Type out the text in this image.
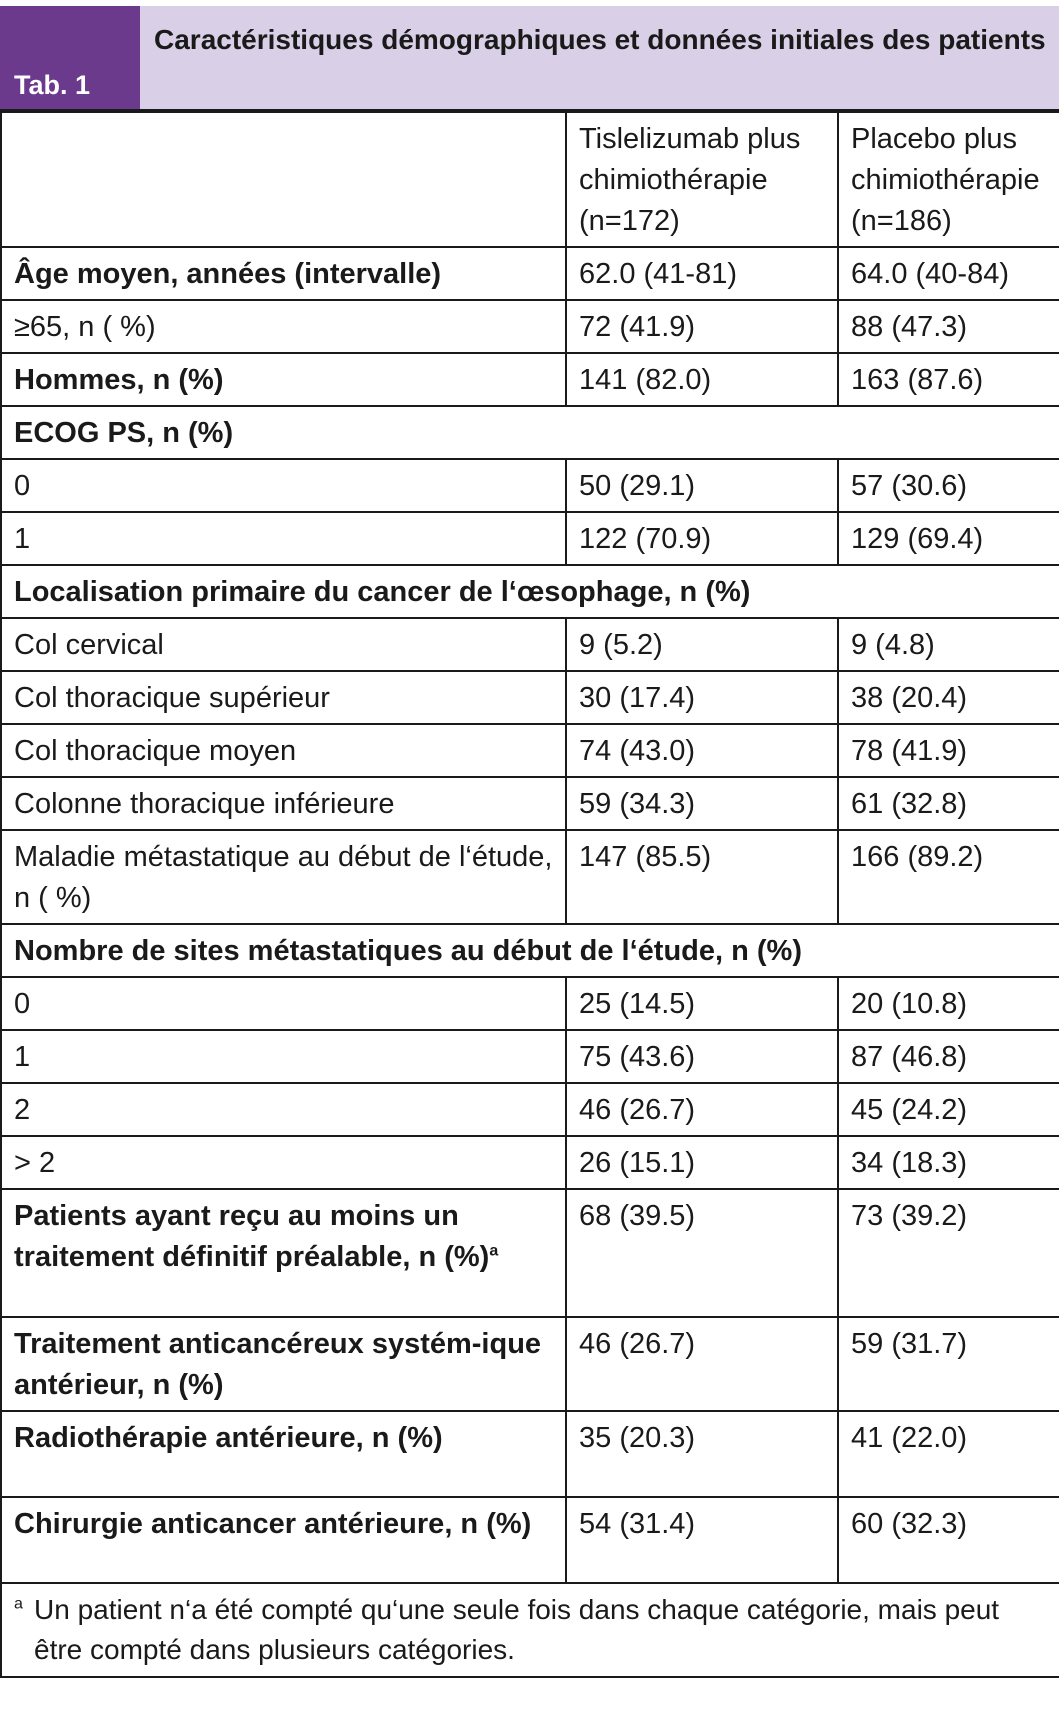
Tab. 1
Caractéristiques démographiques et données initiales des patients
	Tislelizumab plus chimiothérapie (n=172)	Placebo plus chimiothérapie (n=186)
Âge moyen, années (intervalle)	62.0 (41-81)	64.0 (40-84)
≥65, n ( %)	72 (41.9)	88 (47.3)
Hommes, n (%)	141 (82.0)	163 (87.6)
ECOG PS, n (%)		
0	50 (29.1)	57 (30.6)
1	122 (70.9)	129 (69.4)
Localisation primaire du cancer de l‘œsophage, n (%)		
Col cervical	9 (5.2)	9 (4.8)
Col thoracique supérieur	30 (17.4)	38 (20.4)
Col thoracique moyen	74 (43.0)	78 (41.9)
Colonne thoracique inférieure	59 (34.3)	61 (32.8)
Maladie métastatique au début de l‘étude, n ( %)	147 (85.5)	166 (89.2)
Nombre de sites métastatiques au début de l‘étude, n (%)		
0	25 (14.5)	20 (10.8)
1	75 (43.6)	87 (46.8)
2	46 (26.7)	45 (24.2)
> 2	26 (15.1)	34 (18.3)
Patients ayant reçu au moins un traitement définitif préalable, n (%)$^a$	68 (39.5)	73 (39.2)
Traitement anticancéreux systém-ique antérieur, n (%)	46 (26.7)	59 (31.7)
Radiothérapie antérieure, n (%)	35 (20.3)	41 (22.0)
Chirurgie anticancer antérieure, n (%)	54 (31.4)	60 (32.3)

$^a$ Un patient n‘a été compté qu‘une seule fois dans chaque catégorie, mais peut être compté dans plusieurs catégories.		
